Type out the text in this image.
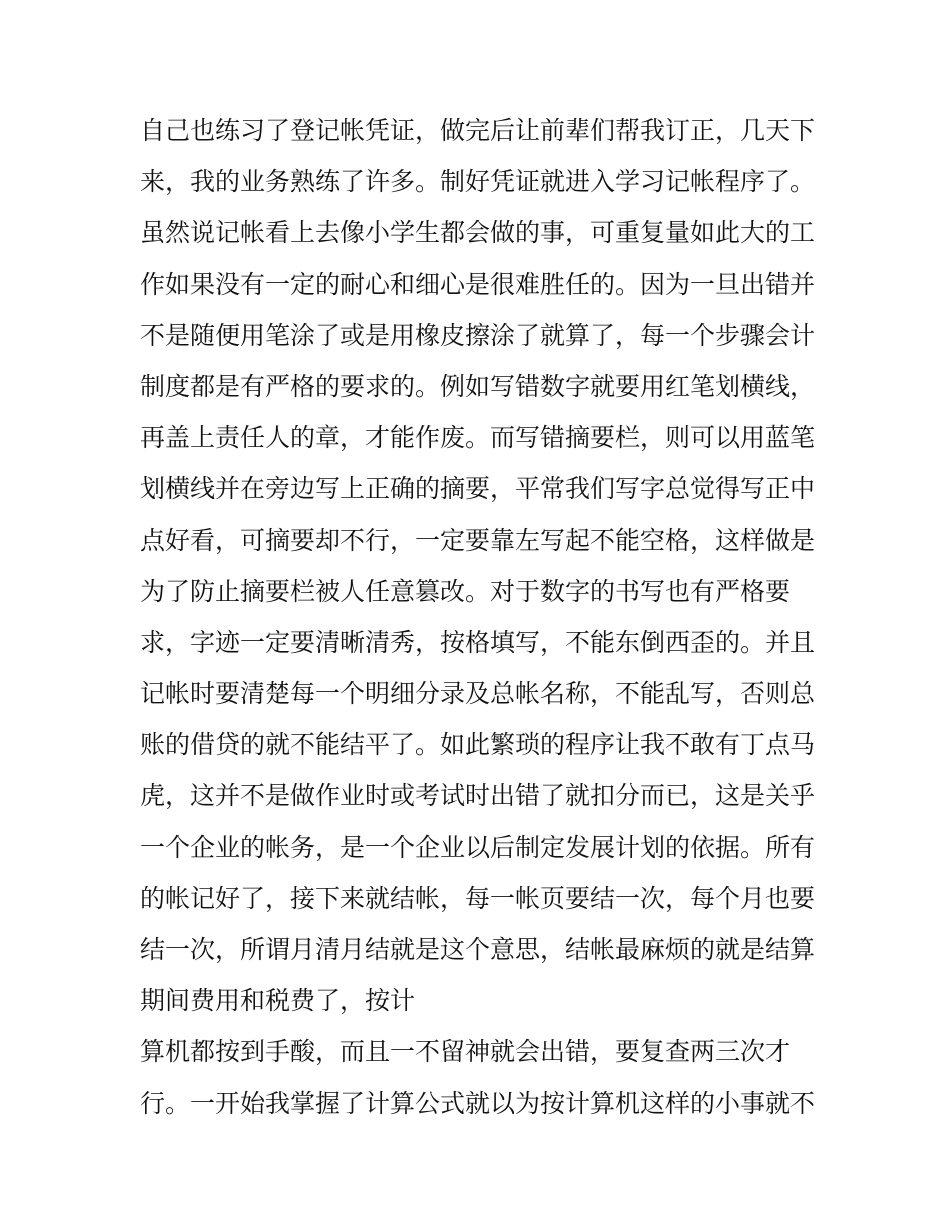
自己也练习了登记帐凭证，做完后让前辈们帮我订正，几天下
来，我的业务熟练了许多。制好凭证就进入学习记帐程序了。
虽然说记帐看上去像小学生都会做的事，可重复量如此大的工
作如果没有一定的耐心和细心是很难胜任的。因为一旦出错并
不是随便用笔涂了或是用橡皮擦涂了就算了，每一个步骤会计
制度都是有严格的要求的。例如写错数字就要用红笔划横线，
再盖上责任人的章，才能作废。而写错摘要栏，则可以用蓝笔
划横线并在旁边写上正确的摘要，平常我们写字总觉得写正中
点好看，可摘要却不行，一定要靠左写起不能空格，这样做是
为了防止摘要栏被人任意篡改。对于数字的书写也有严格要
求，字迹一定要清晰清秀，按格填写，不能东倒西歪的。并且
记帐时要清楚每一个明细分录及总帐名称，不能乱写，否则总
账的借贷的就不能结平了。如此繁琐的程序让我不敢有丁点马
虎，这并不是做作业时或考试时出错了就扣分而已，这是关乎
一个企业的帐务，是一个企业以后制定发展计划的依据。所有
的帐记好了，接下来就结帐，每一帐页要结一次，每个月也要
结一次，所谓月清月结就是这个意思，结帐最麻烦的就是结算
期间费用和税费了，按计
算机都按到手酸，而且一不留神就会出错，要复查两三次才
行。一开始我掌握了计算公式就以为按计算机这样的小事就不
